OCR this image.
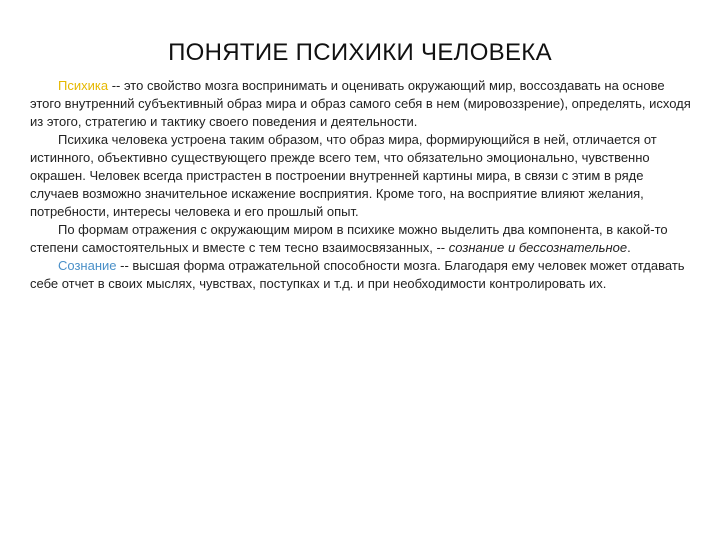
ПОНЯТИЕ ПСИХИКИ ЧЕЛОВЕКА

Психика -- это свойство мозга воспринимать и оценивать окружающий мир, воссоздавать на основе этого внутренний субъективный образ мира и образ самого себя в нем (мировоззрение), определять, исходя из этого, стратегию и тактику своего поведения и деятельности.

Психика человека устроена таким образом, что образ мира, формирующийся в ней, отличается от истинного, объективно существующего прежде всего тем, что обязательно эмоционально, чувственно окрашен. Человек всегда пристрастен в построении внутренней картины мира, в связи с этим в ряде случаев возможно значительное искажение восприятия. Кроме того, на восприятие влияют желания, потребности, интересы человека и его прошлый опыт.

По формам отражения с окружающим миром в психике можно выделить два компонента, в какой-то степени самостоятельных и вместе с тем тесно взаимосвязанных, -- сознание и бессознательное.

Сознание -- высшая форма отражательной способности мозга. Благодаря ему человек может отдавать себе отчет в своих мыслях, чувствах, поступках и т.д. и при необходимости контролировать их.
